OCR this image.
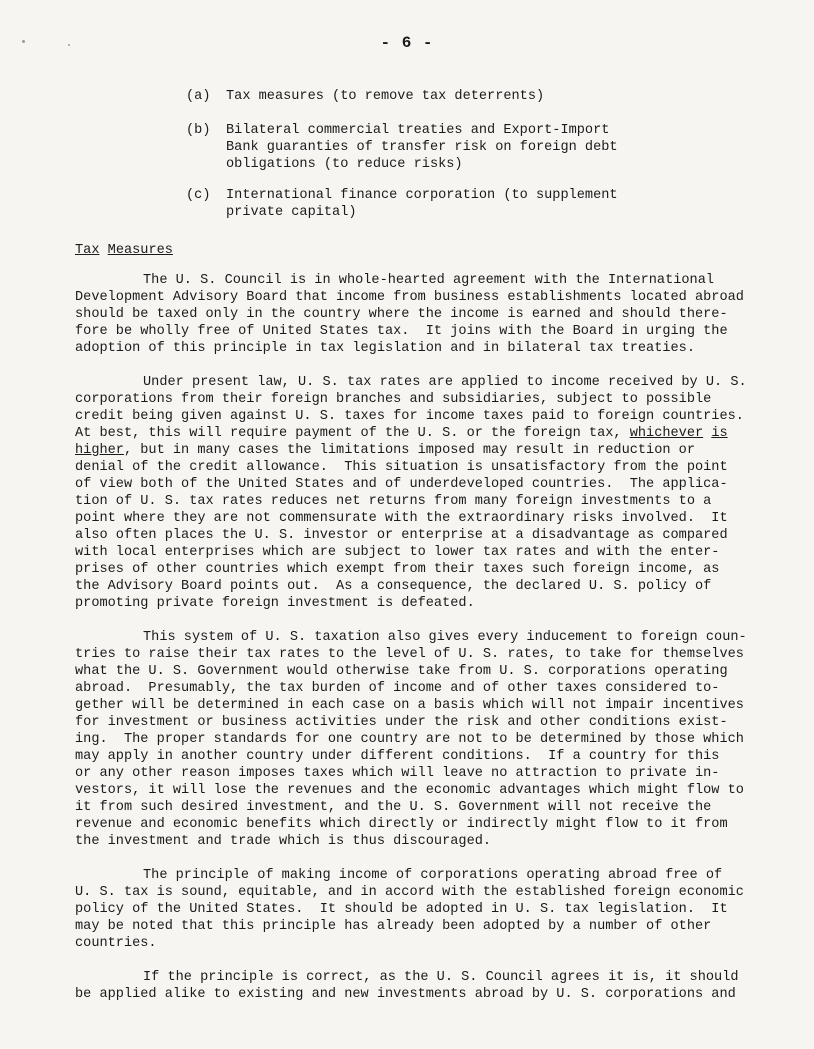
- 6 -
(a) Tax measures (to remove tax deterrents)
(b) Bilateral commercial treaties and Export-Import
Bank guaranties of transfer risk on foreign debt
obligations (to reduce risks)
(c) International finance corporation (to supplement
private capital)
Tax Measures
The U. S. Council is in whole-hearted agreement with the International
Development Advisory Board that income from business establishments located abroad
should be taxed only in the country where the income is earned and should there-
fore be wholly free of United States tax.  It joins with the Board in urging the
adoption of this principle in tax legislation and in bilateral tax treaties.
Under present law, U. S. tax rates are applied to income received by U. S.
corporations from their foreign branches and subsidiaries, subject to possible
credit being given against U. S. taxes for income taxes paid to foreign countries.
At best, this will require payment of the U. S. or the foreign tax, whichever is
higher, but in many cases the limitations imposed may result in reduction or
denial of the credit allowance.  This situation is unsatisfactory from the point
of view both of the United States and of underdeveloped countries.  The applica-
tion of U. S. tax rates reduces net returns from many foreign investments to a
point where they are not commensurate with the extraordinary risks involved.  It
also often places the U. S. investor or enterprise at a disadvantage as compared
with local enterprises which are subject to lower tax rates and with the enter-
prises of other countries which exempt from their taxes such foreign income, as
the Advisory Board points out.  As a consequence, the declared U. S. policy of
promoting private foreign investment is defeated.
This system of U. S. taxation also gives every inducement to foreign coun-
tries to raise their tax rates to the level of U. S. rates, to take for themselves
what the U. S. Government would otherwise take from U. S. corporations operating
abroad.  Presumably, the tax burden of income and of other taxes considered to-
gether will be determined in each case on a basis which will not impair incentives
for investment or business activities under the risk and other conditions exist-
ing.  The proper standards for one country are not to be determined by those which
may apply in another country under different conditions.  If a country for this
or any other reason imposes taxes which will leave no attraction to private in-
vestors, it will lose the revenues and the economic advantages which might flow to
it from such desired investment, and the U. S. Government will not receive the
revenue and economic benefits which directly or indirectly might flow to it from
the investment and trade which is thus discouraged.
The principle of making income of corporations operating abroad free of
U. S. tax is sound, equitable, and in accord with the established foreign economic
policy of the United States.  It should be adopted in U. S. tax legislation.  It
may be noted that this principle has already been adopted by a number of other
countries.
If the principle is correct, as the U. S. Council agrees it is, it should
be applied alike to existing and new investments abroad by U. S. corporations and
